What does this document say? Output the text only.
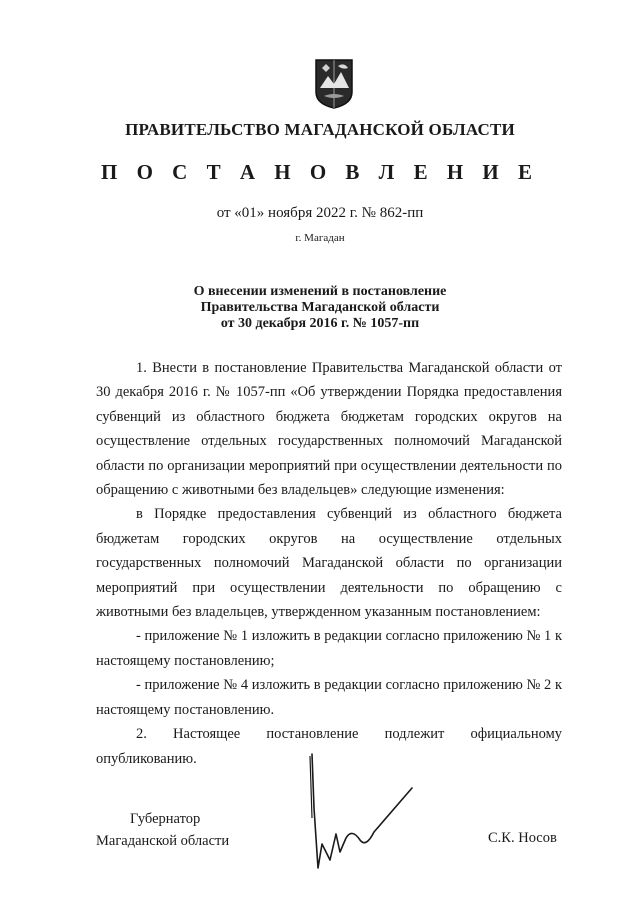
ПРАВИТЕЛЬСТВО МАГАДАНСКОЙ ОБЛАСТИ
П О С Т А Н О В Л Е Н И Е
от «01» ноября 2022 г. № 862-пп
г. Магадан
О внесении изменений в постановление
Правительства Магаданской области
от 30 декабря 2016 г. № 1057-пп

1. Внести в постановление Правительства Магаданской области от 30 декабря 2016 г. № 1057-пп «Об утверждении Порядка предоставления субвенций из областного бюджета бюджетам городских округов на осуществление отдельных государственных полномочий Магаданской области по организации мероприятий при осуществлении деятельности по обращению с животными без владельцев» следующие изменения:

в Порядке предоставления субвенций из областного бюджета бюджетам городских округов на осуществление отдельных государственных полномочий Магаданской области по организации мероприятий при осуществлении деятельности по обращению с животными без владельцев, утвержденном указанным постановлением:

- приложение № 1 изложить в редакции согласно приложению № 1 к настоящему постановлению;

- приложение № 4 изложить в редакции согласно приложению № 2 к настоящему постановлению.

2. Настоящее постановление подлежит официальному опубликованию.

Губернатор
Магаданской области	С.К. Носов
